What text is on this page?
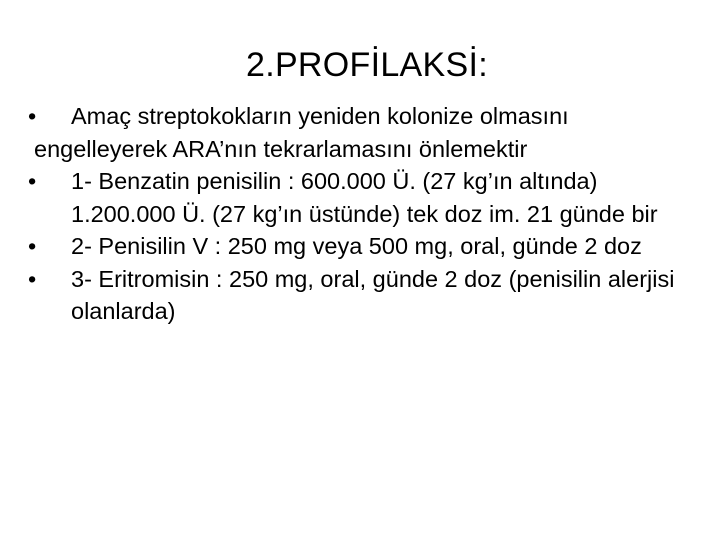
2.PROFİLAKSİ:

•	Amaç streptokokların yeniden kolonize olmasını

engelleyerek ARA’nın tekrarlamasını önlemektir

•	1- Benzatin penisilin : 600.000 Ü. (27 kg’ın altında) 1.200.000 Ü. (27 kg’ın üstünde) tek doz im. 21 günde bir

•	2- Penisilin V : 250 mg veya 500 mg, oral, günde 2 doz

•	3- Eritromisin : 250 mg, oral, günde 2 doz (penisilin alerjisi olanlarda)
